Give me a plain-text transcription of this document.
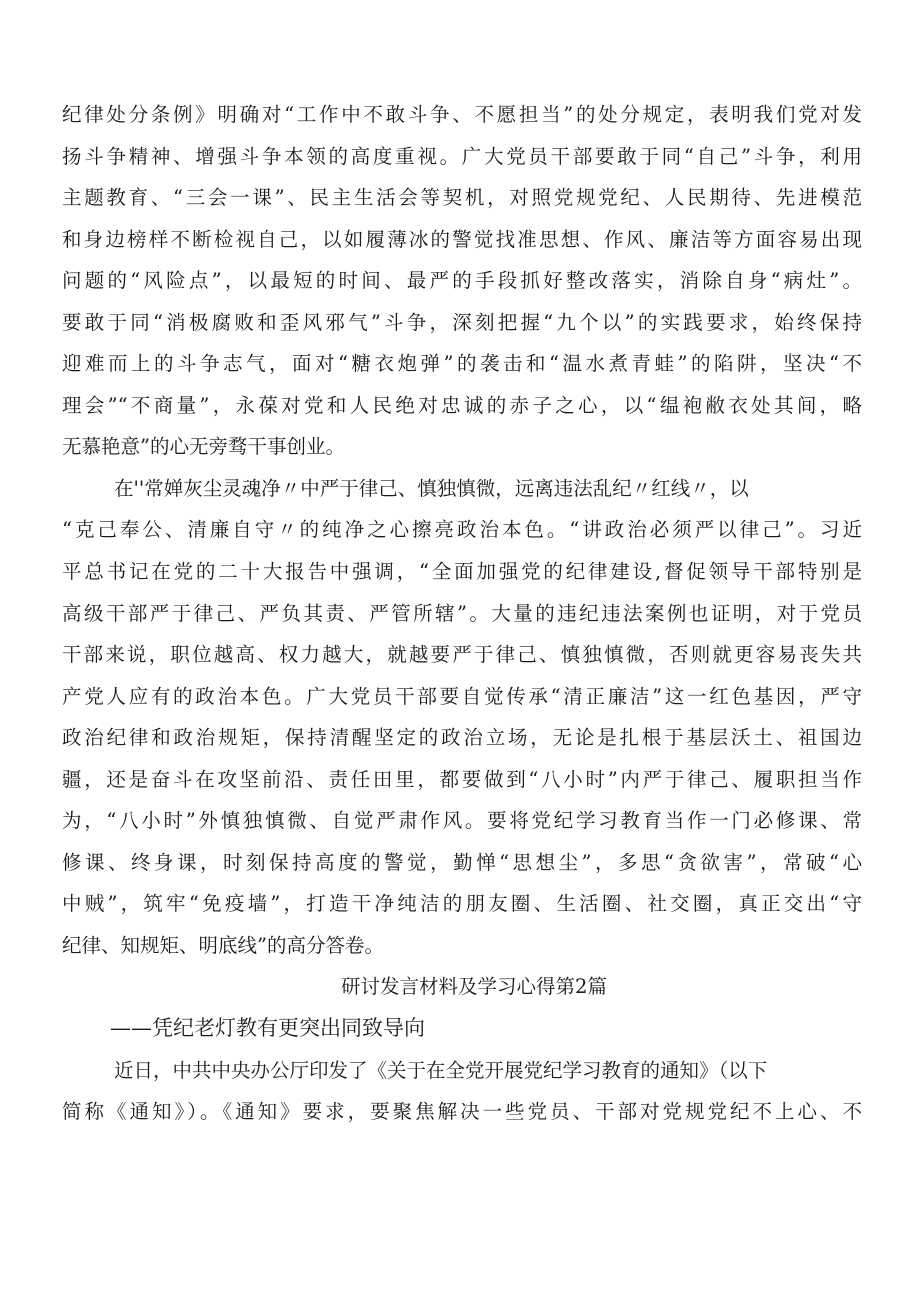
纪律处分条例》明确对“工作中不敢斗争、不愿担当”的处分规定，表明我们党对发
扬斗争精神、增强斗争本领的高度重视。广大党员干部要敢于同“自己”斗争，利用
主题教育、“三会一课”、民主生活会等契机，对照党规党纪、人民期待、先进模范
和身边榜样不断检视自己，以如履薄冰的警觉找准思想、作风、廉洁等方面容易出现
问题的“风险点”，以最短的时间、最严的手段抓好整改落实，消除自身“病灶”。
要敢于同“消极腐败和歪风邪气”斗争，深刻把握“九个以”的实践要求，始终保持
迎难而上的斗争志气，面对“糖衣炮弹”的袭击和“温水煮青蛙”的陷阱，坚决“不
理会”“不商量”，永葆对党和人民绝对忠诚的赤子之心，以“缊袍敝衣处其间，略
无慕艳意”的心无旁骛干事创业。
在''常婵灰尘灵魂净〃中严于律己、慎独慎微，远离违法乱纪〃红线〃，以
“克己奉公、清廉自守〃的纯净之心擦亮政治本色。“讲政治必须严以律己”。习近
平总书记在党的二十大报告中强调，“全面加强党的纪律建设,督促领导干部特别是
高级干部严于律己、严负其责、严管所辖”。大量的违纪违法案例也证明，对于党员
干部来说，职位越高、权力越大，就越要严于律己、慎独慎微，否则就更容易丧失共
产党人应有的政治本色。广大党员干部要自觉传承“清正廉洁”这一红色基因，严守
政治纪律和政治规矩，保持清醒坚定的政治立场，无论是扎根于基层沃土、祖国边
疆，还是奋斗在攻坚前沿、责任田里，都要做到“八小时”内严于律己、履职担当作
为，“八小时”外慎独慎微、自觉严肃作风。要将党纪学习教育当作一门必修课、常
修课、终身课，时刻保持高度的警觉，勤惮“思想尘”，多思“贪欲害”，常破“心
中贼”，筑牢“免疫墙”，打造干净纯洁的朋友圈、生活圈、社交圈，真正交出“守
纪律、知规矩、明底线”的高分答卷。
研讨发言材料及学习心得第2篇
——凭纪老灯教有更突出同致导向
近日，中共中央办公厅印发了《关于在全党开展党纪学习教育的通知》（以下
简称《通知》）。《通知》要求，要聚焦解决一些党员、干部对党规党纪不上心、不
